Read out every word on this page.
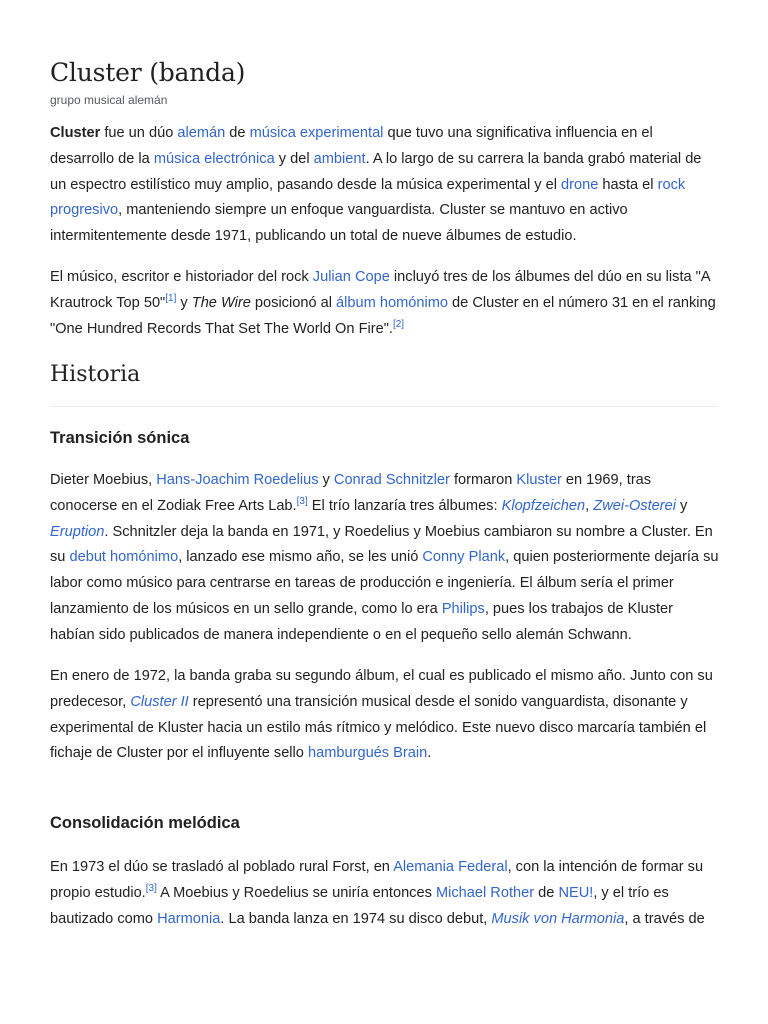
Cluster (banda)
grupo musical alemán

Cluster fue un dúo alemán de música experimental que tuvo una significativa influencia en el desarrollo de la música electrónica y del ambient. A lo largo de su carrera la banda grabó material de un espectro estilístico muy amplio, pasando desde la música experimental y el drone hasta el rock progresivo, manteniendo siempre un enfoque vanguardista. Cluster se mantuvo en activo intermitentemente desde 1971, publicando un total de nueve álbumes de estudio.

El músico, escritor e historiador del rock Julian Cope incluyó tres de los álbumes del dúo en su lista "A Krautrock Top 50"[1] y The Wire posicionó al álbum homónimo de Cluster en el número 31 en el ranking "One Hundred Records That Set The World On Fire".[2]

Historia
Transición sónica

Dieter Moebius, Hans-Joachim Roedelius y Conrad Schnitzler formaron Kluster en 1969, tras conocerse en el Zodiak Free Arts Lab.[3] El trío lanzaría tres álbumes: Klopfzeichen, Zwei-Osterei y Eruption. Schnitzler deja la banda en 1971, y Roedelius y Moebius cambiaron su nombre a Cluster. En su debut homónimo, lanzado ese mismo año, se les unió Conny Plank, quien posteriormente dejaría su labor como músico para centrarse en tareas de producción e ingeniería. El álbum sería el primer lanzamiento de los músicos en un sello grande, como lo era Philips, pues los trabajos de Kluster habían sido publicados de manera independiente o en el pequeño sello alemán Schwann.

En enero de 1972, la banda graba su segundo álbum, el cual es publicado el mismo año. Junto con su predecesor, Cluster II representó una transición musical desde el sonido vanguardista, disonante y experimental de Kluster hacia un estilo más rítmico y melódico. Este nuevo disco marcaría también el fichaje de Cluster por el influyente sello hamburgués Brain.

Consolidación melódica

En 1973 el dúo se trasladó al poblado rural Forst, en Alemania Federal, con la intención de formar su propio estudio.[3] A Moebius y Roedelius se uniría entonces Michael Rother de NEU!, y el trío es bautizado como Harmonia. La banda lanza en 1974 su disco debut, Musik von Harmonia, a través de
